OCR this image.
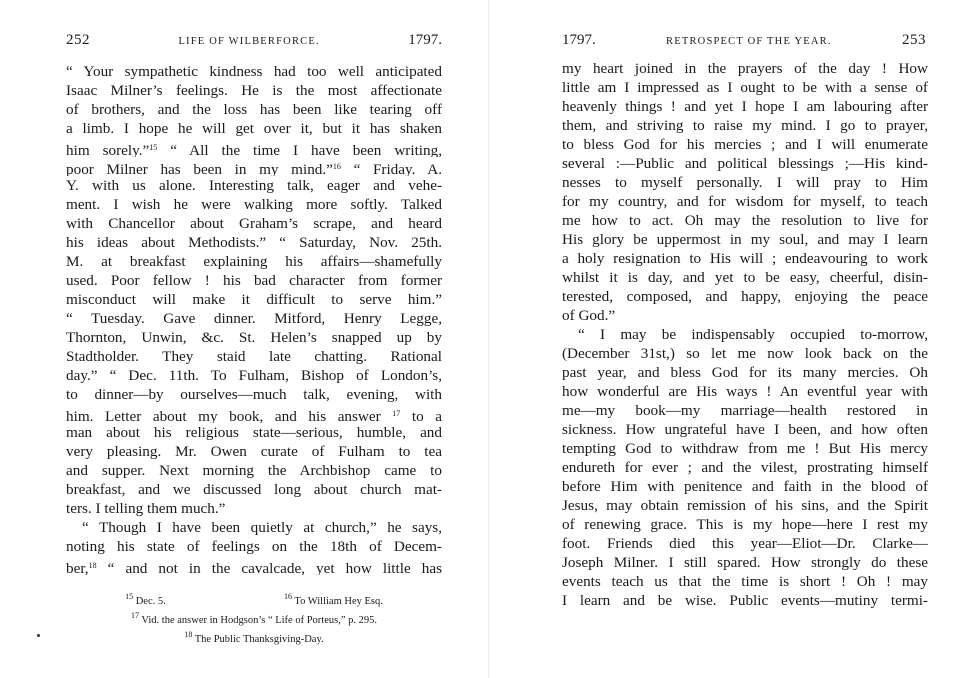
252	LIFE OF WILBERFORCE.	1797.
“ Your sympathetic kindness had too well anticipated
Isaac Milner’s feelings. He is the most affectionate
of brothers, and the loss has been like tearing off
a limb. I hope he will get over it, but it has shaken
him sorely.”$^{15}$ “ All the time I have been writing,
poor Milner has been in my mind.”$^{16}$ “ Friday. A.
Y. with us alone. Interesting talk, eager and vehe-
ment. I wish he were walking more softly. Talked
with Chancellor about Graham’s scrape, and heard
his ideas about Methodists.” “ Saturday, Nov. 25th.
M. at breakfast explaining his affairs—shamefully
used. Poor fellow ! his bad character from former
misconduct will make it difficult to serve him.”
“ Tuesday. Gave dinner. Mitford, Henry Legge,
Thornton, Unwin, &c. St. Helen’s snapped up by
Stadtholder. They staid late chatting. Rational
day.” “ Dec. 11th. To Fulham, Bishop of London’s,
to dinner—by ourselves—much talk, evening, with
him. Letter about my book, and his answer $^{17}$ to a
man about his religious state—serious, humble, and
very pleasing. Mr. Owen curate of Fulham to tea
and supper. Next morning the Archbishop came to
breakfast, and we discussed long about church mat-
ters. I telling them much.”
“ Though I have been quietly at church,” he says,
noting his state of feelings on the 18th of Decem-
ber,$^{18}$ “ and not in the cavalcade, yet how little has
$^{15}$ Dec. 5.	$^{16}$ To William Hey Esq.
$^{17}$ Vid. the answer in Hodgson’s “ Life of Porteus,” p. 295.
$^{18}$ The Public Thanksgiving-Day.
1797.	RETROSPECT OF THE YEAR.	253
my heart joined in the prayers of the day ! How
little am I impressed as I ought to be with a sense of
heavenly things ! and yet I hope I am labouring after
them, and striving to raise my mind. I go to prayer,
to bless God for his mercies ; and I will enumerate
several :—Public and political blessings ;—His kind-
nesses to myself personally. I will pray to Him
for my country, and for wisdom for myself, to teach
me how to act. Oh may the resolution to live for
His glory be uppermost in my soul, and may I learn
a holy resignation to His will ; endeavouring to work
whilst it is day, and yet to be easy, cheerful, disin-
terested, composed, and happy, enjoying the peace
of God.”
“ I may be indispensably occupied to-morrow,
(December 31st,) so let me now look back on the
past year, and bless God for its many mercies. Oh
how wonderful are His ways ! An eventful year with
me—my book—my marriage—health restored in
sickness. How ungrateful have I been, and how often
tempting God to withdraw from me ! But His mercy
endureth for ever ; and the vilest, prostrating himself
before Him with penitence and faith in the blood of
Jesus, may obtain remission of his sins, and the Spirit
of renewing grace. This is my hope—here I rest my
foot. Friends died this year—Eliot—Dr. Clarke—
Joseph Milner. I still spared. How strongly do these
events teach us that the time is short ! Oh ! may
I learn and be wise. Public events—mutiny termi-
